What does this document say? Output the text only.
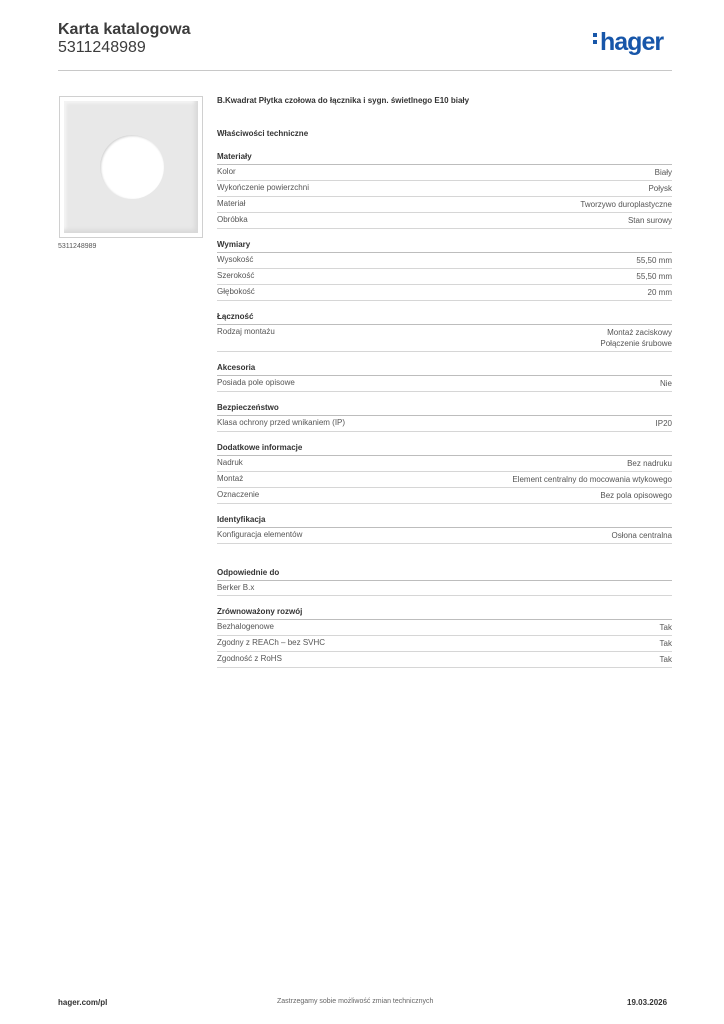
Karta katalogowa
5311248989	hager
5311248989
B.Kwadrat Płytka czołowa do łącznika i sygn. świetlnego E10 biały
Właściwości techniczne
Materiały
Kolor	Biały
Wykończenie powierzchni	Połysk
Materiał	Tworzywo duroplastyczne
Obróbka	Stan surowy
Wymiary
Wysokość	55,50 mm
Szerokość	55,50 mm
Głębokość	20 mm
Łączność
Rodzaj montażu	Montaż zaciskowy
Połączenie śrubowe
Akcesoria
Posiada pole opisowe	Nie
Bezpieczeństwo
Klasa ochrony przed wnikaniem (IP)	IP20
Dodatkowe informacje
Nadruk	Bez nadruku
Montaż	Element centralny do mocowania wtykowego
Oznaczenie	Bez pola opisowego
Identyfikacja
Konfiguracja elementów	Osłona centralna
Odpowiednie do
Berker B.x
Zrównoważony rozwój
Bezhalogenowe	Tak
Zgodny z REACh – bez SVHC	Tak
Zgodność z RoHS	Tak
hager.com/pl	Zastrzegamy sobie możliwość zmian technicznych	19.03.2026
